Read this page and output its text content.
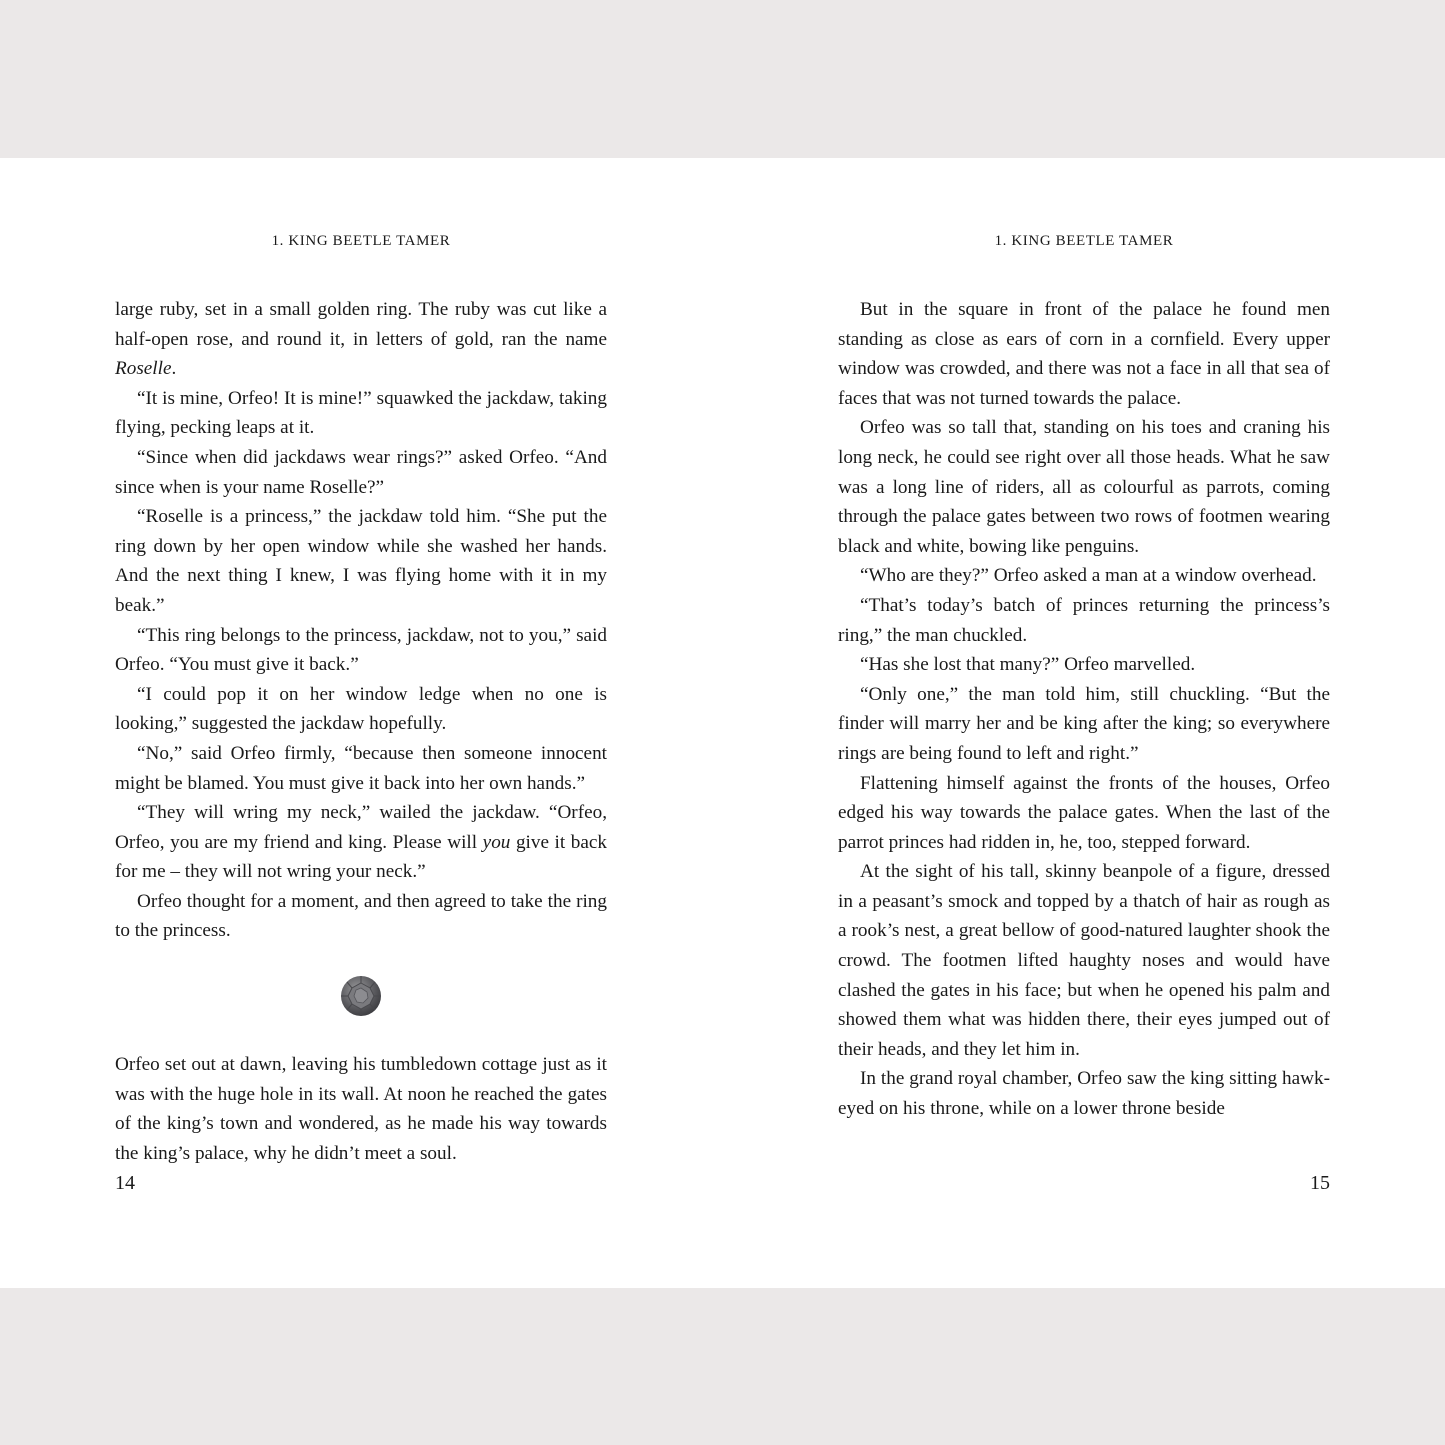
1. KING BEETLE TAMER

large ruby, set in a small golden ring. The ruby was cut like a half-open rose, and round it, in letters of gold, ran the name Roselle.

“It is mine, Orfeo! It is mine!” squawked the jackdaw, taking flying, pecking leaps at it.

“Since when did jackdaws wear rings?” asked Orfeo. “And since when is your name Roselle?”

“Roselle is a princess,” the jackdaw told him. “She put the ring down by her open window while she washed her hands. And the next thing I knew, I was flying home with it in my beak.”

“This ring belongs to the princess, jackdaw, not to you,” said Orfeo. “You must give it back.”

“I could pop it on her window ledge when no one is looking,” suggested the jackdaw hopefully.

“No,” said Orfeo firmly, “because then someone innocent might be blamed. You must give it back into her own hands.”

“They will wring my neck,” wailed the jackdaw. “Orfeo, Orfeo, you are my friend and king. Please will you give it back for me – they will not wring your neck.”

Orfeo thought for a moment, and then agreed to take the ring to the princess.

Orfeo set out at dawn, leaving his tumbledown cottage just as it was with the huge hole in its wall. At noon he reached the gates of the king’s town and wondered, as he made his way towards the king’s palace, why he didn’t meet a soul.

14
1. KING BEETLE TAMER

But in the square in front of the palace he found men standing as close as ears of corn in a cornfield. Every upper window was crowded, and there was not a face in all that sea of faces that was not turned towards the palace.

Orfeo was so tall that, standing on his toes and craning his long neck, he could see right over all those heads. What he saw was a long line of riders, all as colourful as parrots, coming through the palace gates between two rows of footmen wearing black and white, bowing like penguins.

“Who are they?” Orfeo asked a man at a window overhead.

“That’s today’s batch of princes returning the princess’s ring,” the man chuckled.

“Has she lost that many?” Orfeo marvelled.

“Only one,” the man told him, still chuckling. “But the finder will marry her and be king after the king; so everywhere rings are being found to left and right.”

Flattening himself against the fronts of the houses, Orfeo edged his way towards the palace gates. When the last of the parrot princes had ridden in, he, too, stepped forward.

At the sight of his tall, skinny beanpole of a figure, dressed in a peasant’s smock and topped by a thatch of hair as rough as a rook’s nest, a great bellow of good-natured laughter shook the crowd. The footmen lifted haughty noses and would have clashed the gates in his face; but when he opened his palm and showed them what was hidden there, their eyes jumped out of their heads, and they let him in.

In the grand royal chamber, Orfeo saw the king sitting hawk-eyed on his throne, while on a lower throne beside

15
